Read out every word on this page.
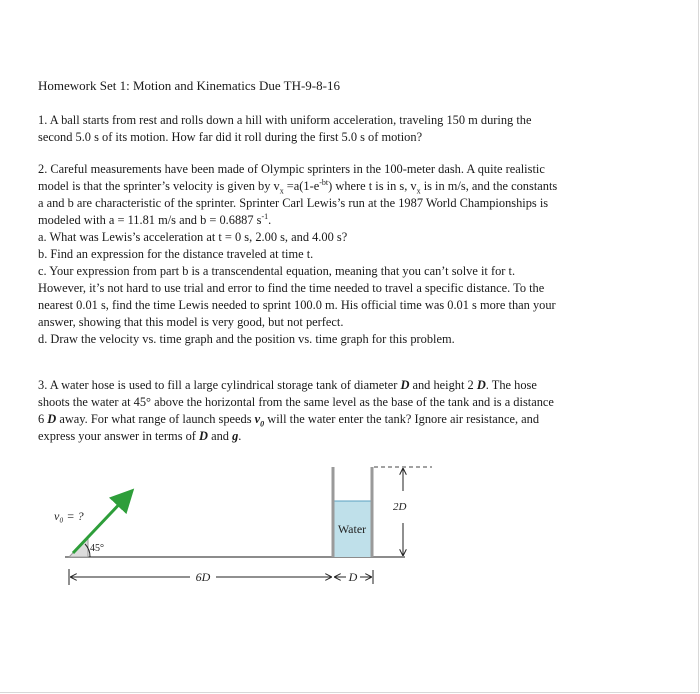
Homework Set 1: Motion and Kinematics Due TH-9-8-16
1. A ball starts from rest and rolls down a hill with uniform acceleration, traveling 150 m during the
second 5.0 s of its motion. How far did it roll during the first 5.0 s of motion?
2. Careful measurements have been made of Olympic sprinters in the 100-meter dash. A quite realistic
model is that the sprinter’s velocity is given by $v_x =a(1-e^{-bt})$ where t is in s, $v_x$ is in m/s, and the constants
a and b are characteristic of the sprinter. Sprinter Carl Lewis’s run at the 1987 World Championships is
modeled with a = 11.81 m/s and b = 0.6887 $s^{-1}$.
a. What was Lewis’s acceleration at t = 0 s, 2.00 s, and 4.00 s?
b. Find an expression for the distance traveled at time t.
c. Your expression from part b is a transcendental equation, meaning that you can’t solve it for t.
However, it’s not hard to use trial and error to find the time needed to travel a specific distance. To the
nearest 0.01 s, find the time Lewis needed to sprint 100.0 m. His official time was 0.01 s more than your
answer, showing that this model is very good, but not perfect.
d. Draw the velocity vs. time graph and the position vs. time graph for this problem.
3. A water hose is used to fill a large cylindrical storage tank of diameter D and height 2 D. The hose
shoots the water at 45° above the horizontal from the same level as the base of the tank and is a distance
6 D away. For what range of launch speeds $v_0$ will the water enter the tank? Ignore air resistance, and
express your answer in terms of D and g.
v₀ = ?
45°
Water
2D
6D	D
